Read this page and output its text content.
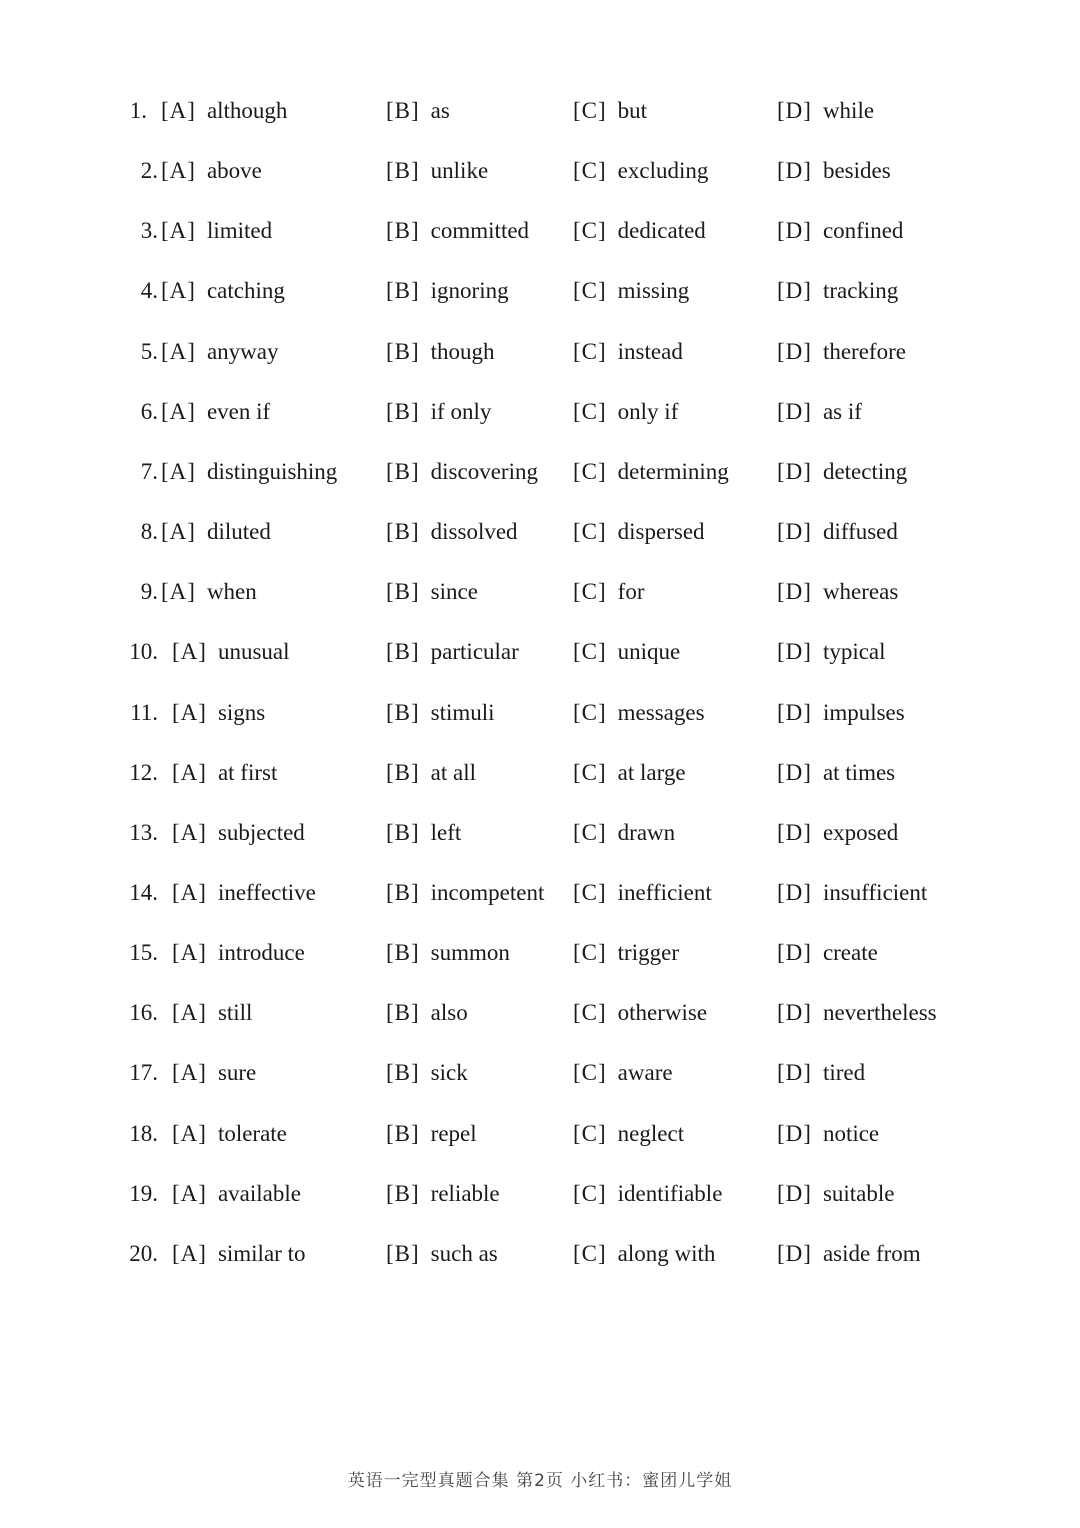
1. [A] although	[B] as	[C] but	[D] while
2. [A] above	[B] unlike	[C] excluding	[D] besides
3. [A] limited	[B] committed [C] dedicated	[D] confined
4. [A] catching	[B] ignoring	[C] missing	[D] tracking
5. [A] anyway	[B] though	[C] instead	[D] therefore
6. [A] even if	[B] if only	[C] only if	[D] as if
7. [A] distinguishing [B] discovering [C] determining [D] detecting
8. [A] diluted	[B] dissolved [C] dispersed	[D] diffused
9. [A] when	[B] since	[C] for	[D] whereas
10. [A] unusual	[B] particular [C] unique	[D] typical
11. [A] signs	[B] stimuli	[C] messages	[D] impulses
12. [A] at first	[B] at all	[C] at large	[D] at times
13. [A] subjected	[B] left	[C] drawn	[D] exposed
14. [A] ineffective	[B] incompetent [C] inefficient	[D] insufficient
15. [A] introduce	[B] summon	[C] trigger	[D] create
16. [A] still	[B] also	[C] otherwise	[D] nevertheless
17. [A] sure	[B] sick	[C] aware	[D] tired
18. [A] tolerate	[B] repel	[C] neglect	[D] notice
19. [A] available	[B] reliable	[C] identifiable [D] suitable
20. [A] similar to	[B] such as	[C] along with	[D] aside from
英语一完型真题合集 第2页 小红书：蜜团儿学姐
